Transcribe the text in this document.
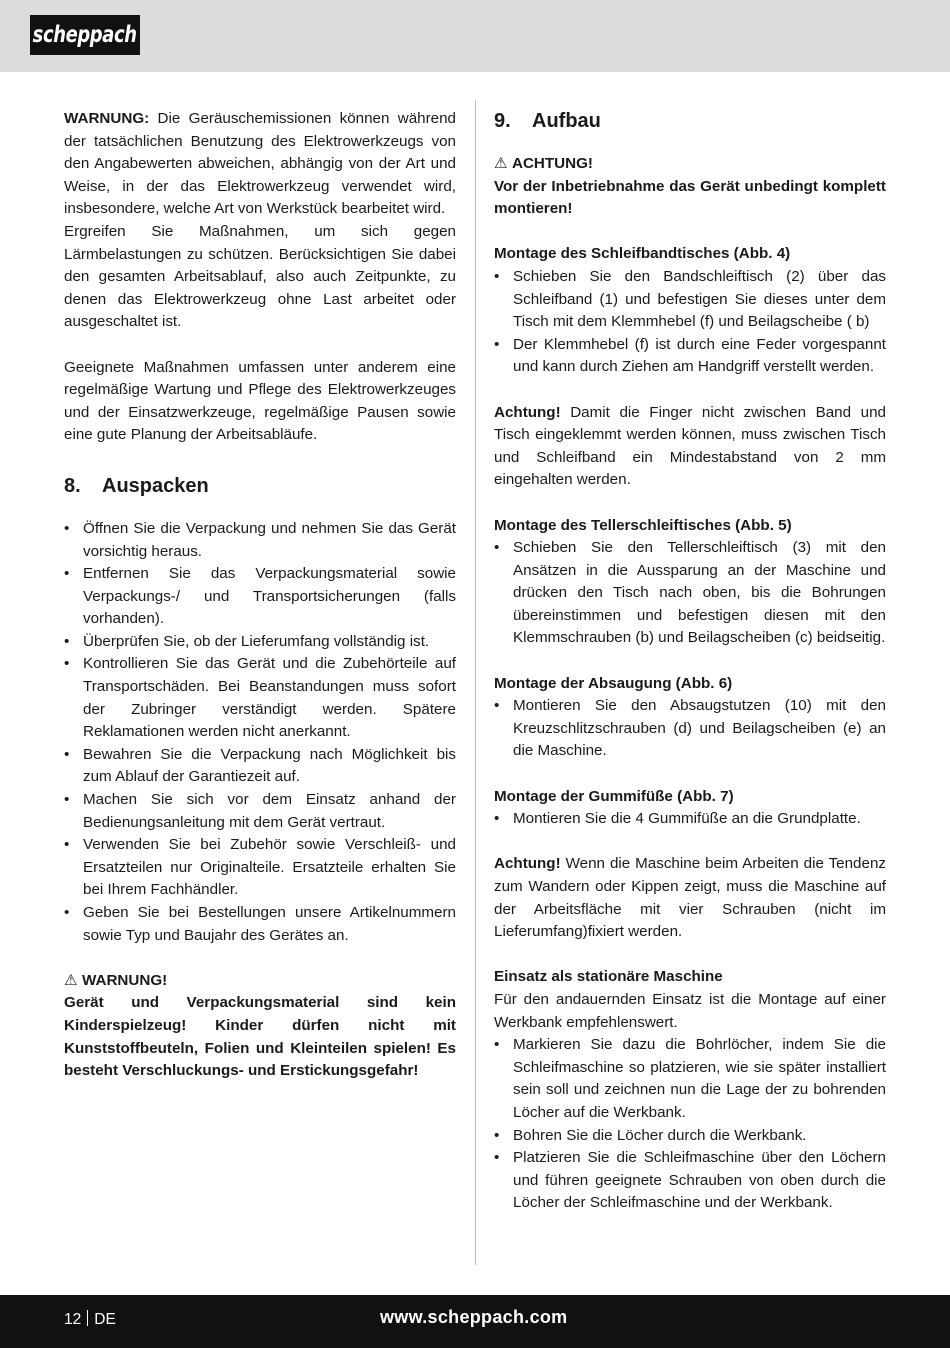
scheppach

WARNUNG: Die Geräuschemissionen können während der tatsächlichen Benutzung des Elektrowerkzeugs von den Angabewerten abweichen, abhängig von der Art und Weise, in der das Elektrowerkzeug verwendet wird, insbesondere, welche Art von Werkstück bearbeitet wird.

Ergreifen Sie Maßnahmen, um sich gegen Lärmbelastungen zu schützen. Berücksichtigen Sie dabei den gesamten Arbeitsablauf, also auch Zeitpunkte, zu denen das Elektrowerkzeug ohne Last arbeitet oder ausgeschaltet ist.

Geeignete Maßnahmen umfassen unter anderem eine regelmäßige Wartung und Pflege des Elektrowerkzeuges und der Einsatzwerkzeuge, regelmäßige Pausen sowie eine gute Planung der Arbeitsabläufe.

8.	Auspacken
• Öffnen Sie die Verpackung und nehmen Sie das Gerät vorsichtig heraus.
• Entfernen Sie das Verpackungsmaterial sowie Verpackungs-/ und Transportsicherungen (falls vorhanden).
• Überprüfen Sie, ob der Lieferumfang vollständig ist.
• Kontrollieren Sie das Gerät und die Zubehörteile auf Transportschäden. Bei Beanstandungen muss sofort der Zubringer verständigt werden. Spätere Reklamationen werden nicht anerkannt.
• Bewahren Sie die Verpackung nach Möglichkeit bis zum Ablauf der Garantiezeit auf.
• Machen Sie sich vor dem Einsatz anhand der Bedienungsanleitung mit dem Gerät vertraut.
• Verwenden Sie bei Zubehör sowie Verschleiß- und Ersatzteilen nur Originalteile. Ersatzteile erhalten Sie bei Ihrem Fachhändler.
• Geben Sie bei Bestellungen unsere Artikelnummern sowie Typ und Baujahr des Gerätes an.
⚠ WARNUNG!

Gerät und Verpackungsmaterial sind kein Kinderspielzeug! Kinder dürfen nicht mit Kunststoffbeuteln, Folien und Kleinteilen spielen! Es besteht Verschluckungs- und Erstickungsgefahr!

9.	Aufbau
⚠ ACHTUNG!

Vor der Inbetriebnahme das Gerät unbedingt komplett montieren!

Montage des Schleifbandtisches (Abb. 4)

• Schieben Sie den Bandschleiftisch (2) über das Schleifband (1) und befestigen Sie dieses unter dem Tisch mit dem Klemmhebel (f) und Beilagscheibe ( b)
• Der Klemmhebel (f) ist durch eine Feder vorgespannt und kann durch Ziehen am Handgriff verstellt werden.

Achtung! Damit die Finger nicht zwischen Band und Tisch eingeklemmt werden können, muss zwischen Tisch und Schleifband ein Mindestabstand von 2 mm eingehalten werden.

Montage des Tellerschleiftisches (Abb. 5)

• Schieben Sie den Tellerschleiftisch (3) mit den Ansätzen in die Aussparung an der Maschine und drücken den Tisch nach oben, bis die Bohrungen übereinstimmen und befestigen diesen mit den Klemmschrauben (b) und Beilagscheiben (c) beidseitig.

Montage der Absaugung (Abb. 6)

• Montieren Sie den Absaugstutzen (10) mit den Kreuzschlitzschrauben (d) und Beilagscheiben (e) an die Maschine.

Montage der Gummifüße (Abb. 7)

• Montieren Sie die 4 Gummifüße an die Grundplatte.

Achtung! Wenn die Maschine beim Arbeiten die Tendenz zum Wandern oder Kippen zeigt, muss die Maschine auf der Arbeitsfläche mit vier Schrauben (nicht im Lieferumfang)fixiert werden.

Einsatz als stationäre Maschine

Für den andauernden Einsatz ist die Montage auf einer Werkbank empfehlenswert.

• Markieren Sie dazu die Bohrlöcher, indem Sie die Schleifmaschine so platzieren, wie sie später installiert sein soll und zeichnen nun die Lage der zu bohrenden Löcher auf die Werkbank.
• Bohren Sie die Löcher durch die Werkbank.
• Platzieren Sie die Schleifmaschine über den Löchern und führen geeignete Schrauben von oben durch die Löcher der Schleifmaschine und der Werkbank.
12 DE	www.scheppach.com
